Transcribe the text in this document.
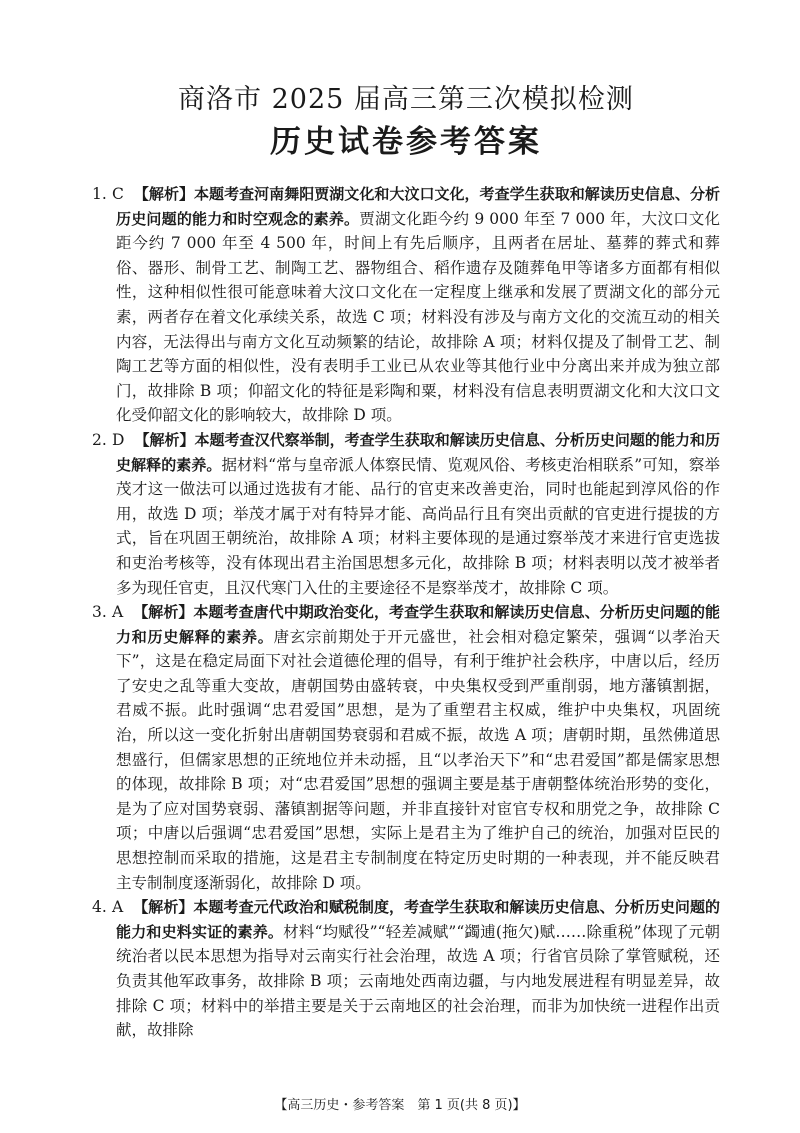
商洛市 2025 届高三第三次模拟检测
历史试卷参考答案

1. C 【解析】本题考查河南舞阳贾湖文化和大汶口文化，考查学生获取和解读历史信息、分析历史问题的能力和时空观念的素养。贾湖文化距今约 9 000 年至 7 000 年，大汶口文化距今约 7 000 年至 4 500 年，时间上有先后顺序，且两者在居址、墓葬的葬式和葬俗、器形、制骨工艺、制陶工艺、器物组合、稻作遗存及随葬龟甲等诸多方面都有相似性，这种相似性很可能意味着大汶口文化在一定程度上继承和发展了贾湖文化的部分元素，两者存在着文化承续关系，故选 C 项；材料没有涉及与南方文化的交流互动的相关内容，无法得出与南方文化互动频繁的结论，故排除 A 项；材料仅提及了制骨工艺、制陶工艺等方面的相似性，没有表明手工业已从农业等其他行业中分离出来并成为独立部门，故排除 B 项；仰韶文化的特征是彩陶和粟，材料没有信息表明贾湖文化和大汶口文化受仰韶文化的影响较大，故排除 D 项。

2. D 【解析】本题考查汉代察举制，考查学生获取和解读历史信息、分析历史问题的能力和历史解释的素养。据材料“常与皇帝派人体察民情、览观风俗、考核吏治相联系”可知，察举茂才这一做法可以通过选拔有才能、品行的官吏来改善吏治，同时也能起到淳风俗的作用，故选 D 项；举茂才属于对有特异才能、高尚品行且有突出贡献的官吏进行提拔的方式，旨在巩固王朝统治，故排除 A 项；材料主要体现的是通过察举茂才来进行官吏选拔和吏治考核等，没有体现出君主治国思想多元化，故排除 B 项；材料表明以茂才被举者多为现任官吏，且汉代寒门入仕的主要途径不是察举茂才，故排除 C 项。

3. A 【解析】本题考查唐代中期政治变化，考查学生获取和解读历史信息、分析历史问题的能力和历史解释的素养。唐玄宗前期处于开元盛世，社会相对稳定繁荣，强调“以孝治天下”，这是在稳定局面下对社会道德伦理的倡导，有利于维护社会秩序，中唐以后，经历了安史之乱等重大变故，唐朝国势由盛转衰，中央集权受到严重削弱，地方藩镇割据，君威不振。此时强调“忠君爱国”思想，是为了重塑君主权威，维护中央集权，巩固统治，所以这一变化折射出唐朝国势衰弱和君威不振，故选 A 项；唐朝时期，虽然佛道思想盛行，但儒家思想的正统地位并未动摇，且“以孝治天下”和“忠君爱国”都是儒家思想的体现，故排除 B 项；对“忠君爱国”思想的强调主要是基于唐朝整体统治形势的变化，是为了应对国势衰弱、藩镇割据等问题，并非直接针对宦官专权和朋党之争，故排除 C 项；中唐以后强调“忠君爱国”思想，实际上是君主为了维护自己的统治，加强对臣民的思想控制而采取的措施，这是君主专制制度在特定历史时期的一种表现，并不能反映君主专制制度逐渐弱化，故排除 D 项。

4. A 【解析】本题考查元代政治和赋税制度，考查学生获取和解读历史信息、分析历史问题的能力和史料实证的素养。材料“均赋役”“轻差减赋”“蠲逋(拖欠)赋……除重税”体现了元朝统治者以民本思想为指导对云南实行社会治理，故选 A 项；行省官员除了掌管赋税，还负责其他军政事务，故排除 B 项；云南地处西南边疆，与内地发展进程有明显差异，故排除 C 项；材料中的举措主要是关于云南地区的社会治理，而非为加快统一进程作出贡献，故排除

【高三历史・参考答案　第 1 页(共 8 页)】
